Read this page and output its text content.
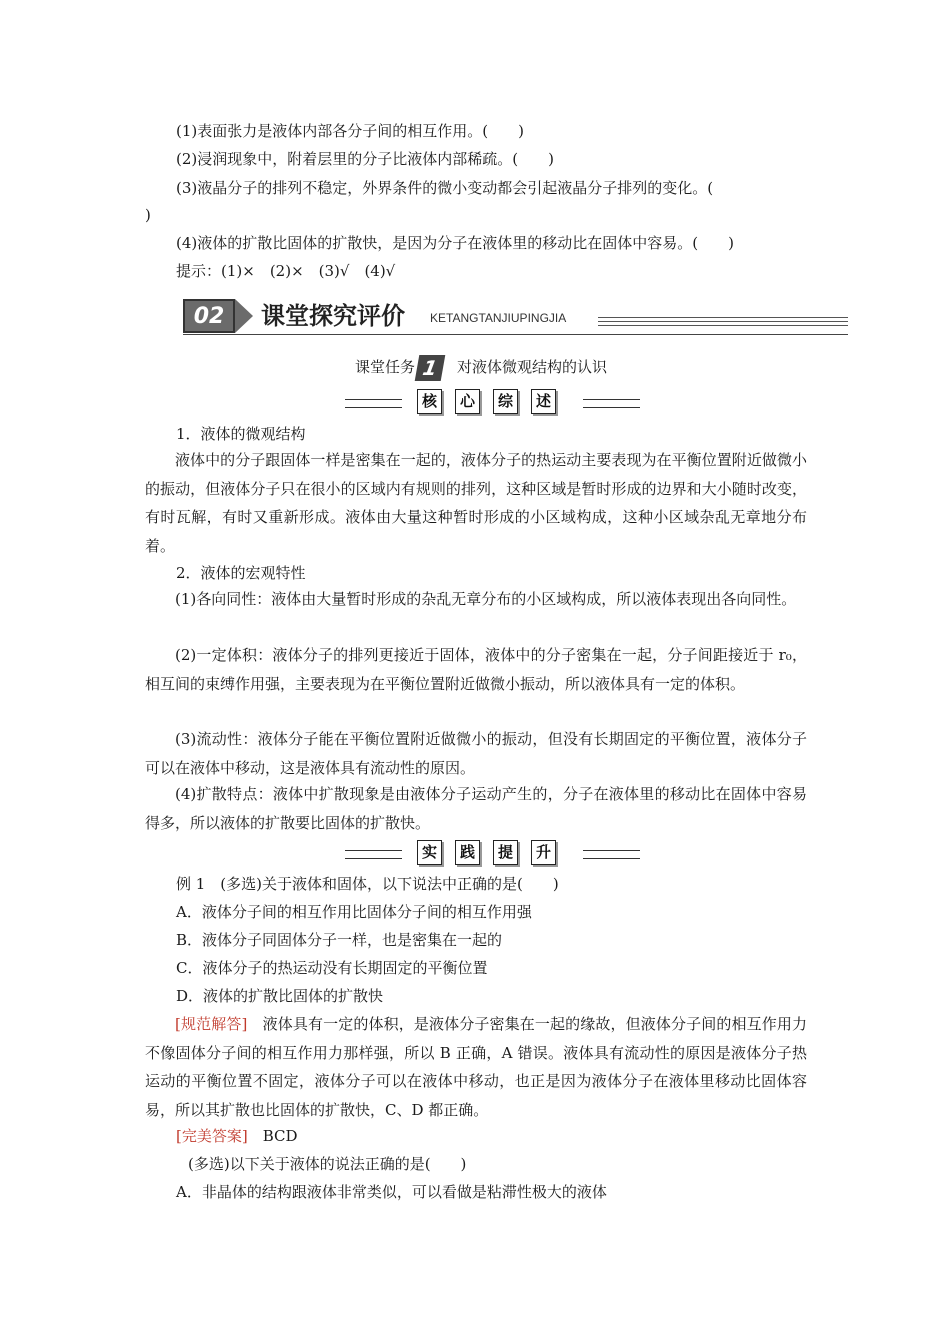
(1)表面张力是液体内部各分子间的相互作用。(　　)
(2)浸润现象中，附着层里的分子比液体内部稀疏。(　　)
(3)液晶分子的排列不稳定，外界条件的微小变动都会引起液晶分子排列的变化。(
)
(4)液体的扩散比固体的扩散快，是因为分子在液体里的移动比在固体中容易。(　　)
提示：(1)×　(2)×　(3)√　(4)√
02	课堂探究评价 KETANGTANJIUPINGJIA
课堂任务 1 对液体微观结构的认识
核	心	综	述
1．液体的微观结构
液体中的分子跟固体一样是密集在一起的，液体分子的热运动主要表现为在平衡位置附近做微小的振动，但液体分子只在很小的区域内有规则的排列，这种区域是暂时形成的边界和大小随时改变，有时瓦解，有时又重新形成。液体由大量这种暂时形成的小区域构成，这种小区域杂乱无章地分布着。
2．液体的宏观特性
(1)各向同性：液体由大量暂时形成的杂乱无章分布的小区域构成，所以液体表现出各向同性。
(2)一定体积：液体分子的排列更接近于固体，液体中的分子密集在一起，分子间距接近于 r₀，相互间的束缚作用强，主要表现为在平衡位置附近做微小振动，所以液体具有一定的体积。
(3)流动性：液体分子能在平衡位置附近做微小的振动，但没有长期固定的平衡位置，液体分子可以在液体中移动，这是液体具有流动性的原因。
(4)扩散特点：液体中扩散现象是由液体分子运动产生的，分子在液体里的移动比在固体中容易得多，所以液体的扩散要比固体的扩散快。
实	践	提	升
例 1　(多选)关于液体和固体，以下说法中正确的是(　　)
A．液体分子间的相互作用比固体分子间的相互作用强
B．液体分子同固体分子一样，也是密集在一起的
C．液体分子的热运动没有长期固定的平衡位置
D．液体的扩散比固体的扩散快
[规范解答]　液体具有一定的体积，是液体分子密集在一起的缘故，但液体分子间的相互作用力不像固体分子间的相互作用力那样强，所以 B 正确，A 错误。液体具有流动性的原因是液体分子热运动的平衡位置不固定，液体分子可以在液体中移动，也正是因为液体分子在液体里移动比固体容易，所以其扩散也比固体的扩散快，C、D 都正确。
[完美答案]　BCD
(多选)以下关于液体的说法正确的是(　　)
A．非晶体的结构跟液体非常类似，可以看做是粘滞性极大的液体
